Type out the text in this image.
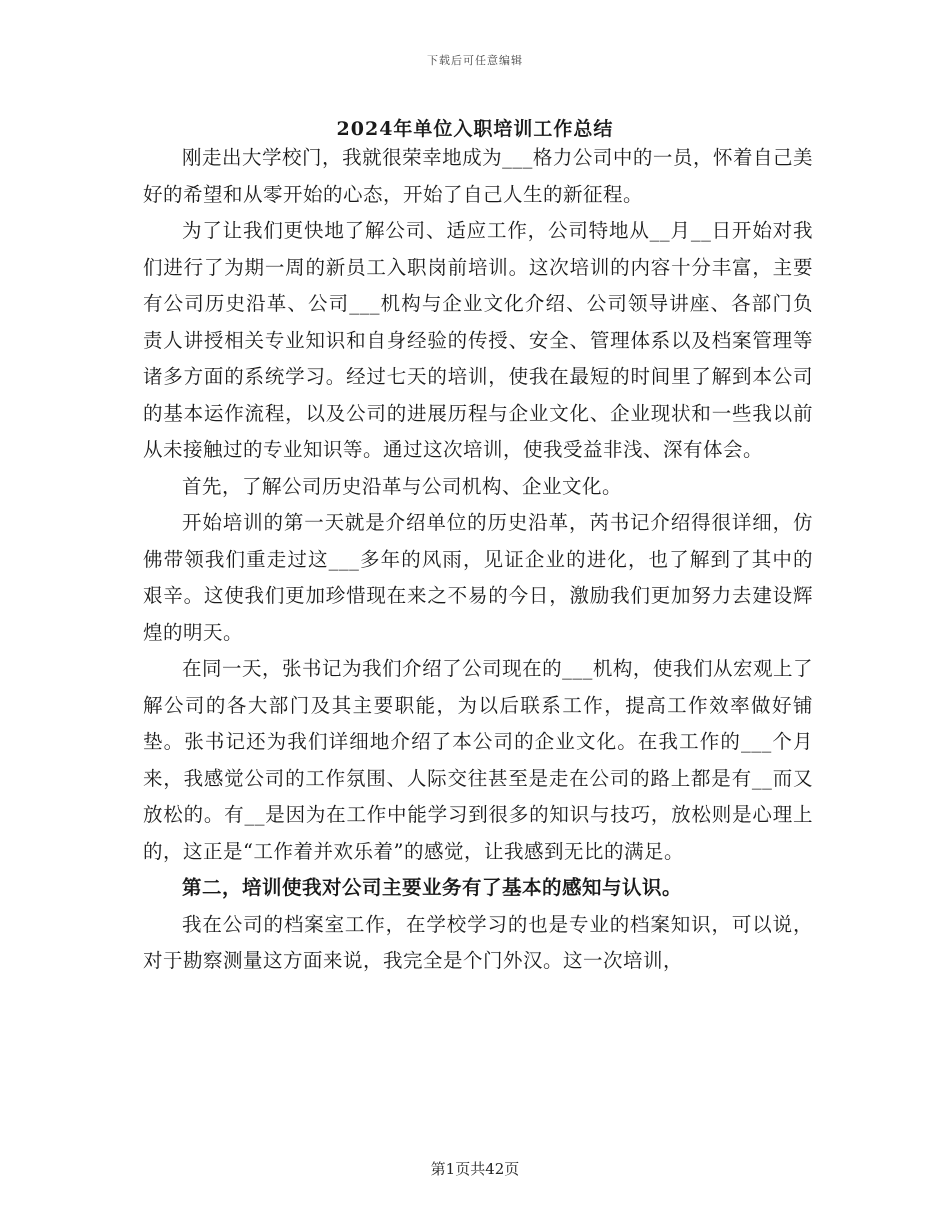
下载后可任意编辑
2024年单位入职培训工作总结

刚走出大学校门，我就很荣幸地成为___格力公司中的一员，怀着自己美好的希望和从零开始的心态，开始了自己人生的新征程。

为了让我们更快地了解公司、适应工作，公司特地从__月__日开始对我们进行了为期一周的新员工入职岗前培训。这次培训的内容十分丰富，主要有公司历史沿革、公司___机构与企业文化介绍、公司领导讲座、各部门负责人讲授相关专业知识和自身经验的传授、安全、管理体系以及档案管理等诸多方面的系统学习。经过七天的培训，使我在最短的时间里了解到本公司的基本运作流程，以及公司的进展历程与企业文化、企业现状和一些我以前从未接触过的专业知识等。通过这次培训，使我受益非浅、深有体会。

首先，了解公司历史沿革与公司机构、企业文化。

开始培训的第一天就是介绍单位的历史沿革，芮书记介绍得很详细，仿佛带领我们重走过这___多年的风雨，见证企业的进化，也了解到了其中的艰辛。这使我们更加珍惜现在来之不易的今日，激励我们更加努力去建设辉煌的明天。

在同一天，张书记为我们介绍了公司现在的___机构，使我们从宏观上了解公司的各大部门及其主要职能，为以后联系工作，提高工作效率做好铺垫。张书记还为我们详细地介绍了本公司的企业文化。在我工作的___个月来，我感觉公司的工作氛围、人际交往甚至是走在公司的路上都是有__而又放松的。有__是因为在工作中能学习到很多的知识与技巧，放松则是心理上的，这正是“工作着并欢乐着”的感觉，让我感到无比的满足。

第二，培训使我对公司主要业务有了基本的感知与认识。

我在公司的档案室工作，在学校学习的也是专业的档案知识，可以说，对于勘察测量这方面来说，我完全是个门外汉。这一次培训，

第1页共42页
